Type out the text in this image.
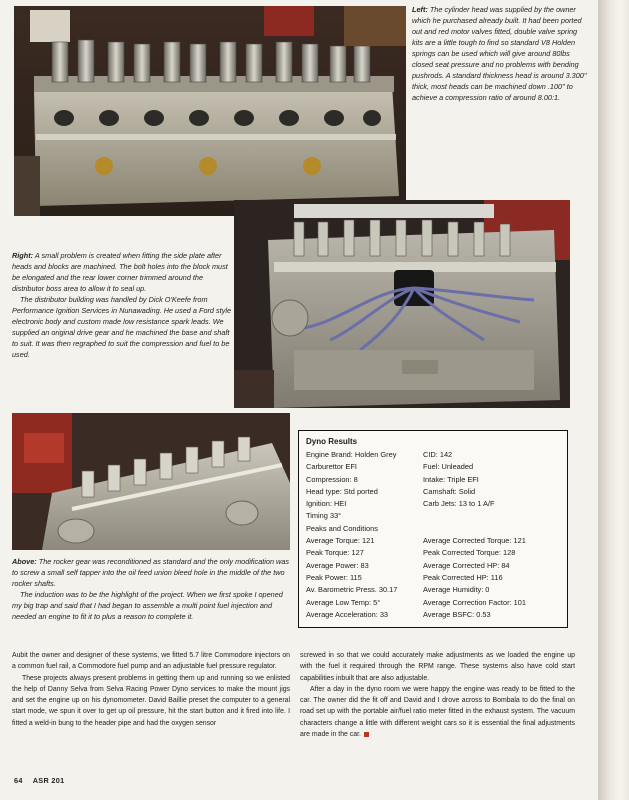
Left: The cylinder head was supplied by the owner which he purchased already built. It had been ported out and red motor valves fitted, double valve spring kits are a little tough to find so standard V8 Holden springs can be used which will give around 80lbs closed seat pressure and no problems with bending pushrods. A standard thickness head is around 3.300" thick, most heads can be machined down .100" to achieve a compression ratio of around 8.00:1.

Right: A small problem is created when fitting the side plate after heads and blocks are machined. The bolt holes into the block must be elongated and the rear lower corner trimmed around the distributor boss area to allow it to seal up.

The distributor building was handled by Dick O'Keefe from Performance Ignition Services in Nunawading. He used a Ford style electronic body and custom made low resistance spark leads. We supplied an original drive gear and he machined the base and shaft to suit. It was then regraphed to suit the compression and fuel to be used.

Above: The rocker gear was reconditioned as standard and the only modification was to screw a small self tapper into the oil feed union bleed hole in the middle of the two rocker shafts.

The induction was to be the highlight of the project. When we first spoke I opened my big trap and said that I had began to assemble a multi point fuel injection and needed an engine to fit it to plus a reason to complete it.

Dyno Results
Engine Brand: Holden Grey
Carburettor EFI
Compression: 8
Head type: Std ported
Ignition: HEI
Timing 33°
Peaks and Conditions
Average Torque: 121
Peak Torque: 127
Average Power: 83
Peak Power: 115
Av. Barometric Press. 30.17
Average Low Temp: 5°
Average Acceleration: 33
CID: 142
Fuel: Unleaded
Intake: Triple EFI
Camshaft: Solid
Carb Jets: 13 to 1 A/F

Average Corrected Torque: 121
Peak Corrected Torque: 128
Average Corrected HP: 84
Peak Corrected HP: 116
Average Humidity: 0
Average Correction Factor: 101
Average BSFC: 0.53

Aubit the owner and designer of these systems, we fitted 5.7 litre Commodore injectors on a common fuel rail, a Commodore fuel pump and an adjustable fuel pressure regulator.

These projects always present problems in getting them up and running so we enlisted the help of Danny Selva from Selva Racing Power Dyno services to make the mount jigs and set the engine up on his dynomometer. David Baillie preset the computer to a general start mode, we spun it over to get up oil pressure, hit the start button and it fired into life. I fitted a weld-in bung to the header pipe and had the oxygen sensor

screwed in so that we could accurately make adjustments as we loaded the engine up with the fuel it required through the RPM range. These systems also have cold start capabilities inbuilt that are also adjustable.

After a day in the dyno room we were happy the engine was ready to be fitted to the car. The owner did the fit off and David and I drove across to Bombala to do the final on road set up with the portable air/fuel ratio meter fitted in the exhaust system. The vacuum characters change a little with different weight cars so it is essential the final adjustments are made in the car.

64 ASR 201
